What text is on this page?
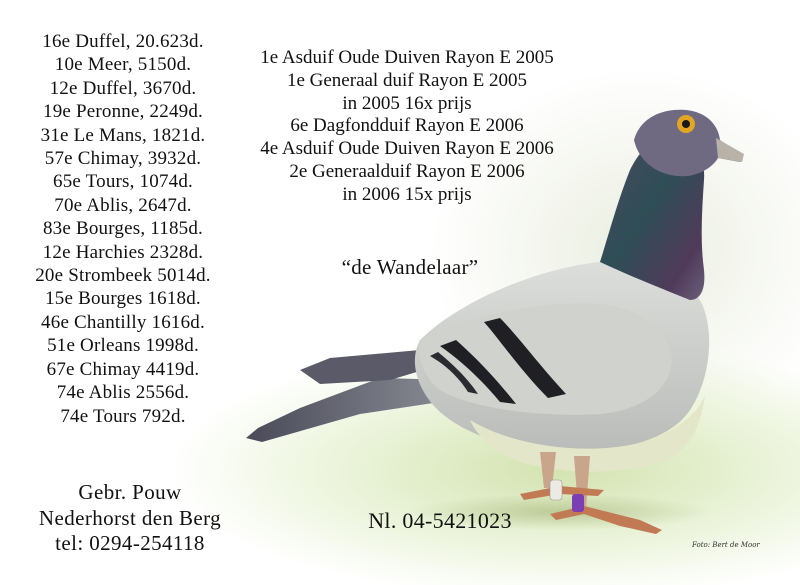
16e Duffel, 20.623d.
10e Meer, 5150d.
12e Duffel, 3670d.
19e Peronne, 2249d.
31e Le Mans, 1821d.
57e Chimay, 3932d.
65e Tours, 1074d.
70e Ablis, 2647d.
83e Bourges, 1185d.
12e Harchies 2328d.
20e Strombeek 5014d.
15e Bourges 1618d.
46e Chantilly 1616d.
51e Orleans 1998d.
67e Chimay 4419d.
74e Ablis 2556d.
74e Tours 792d.
1e Asduif Oude Duiven Rayon E 2005
1e Generaal duif Rayon E 2005
in 2005 16x prijs
6e Dagfondduif Rayon E 2006
4e Asduif Oude Duiven Rayon E 2006
2e Generaalduif Rayon E 2006
in 2006 15x prijs
“de Wandelaar”
Gebr. Pouw
Nederhorst den Berg
tel: 0294-254118
Nl. 04-5421023
Foto: Bert de Moor
